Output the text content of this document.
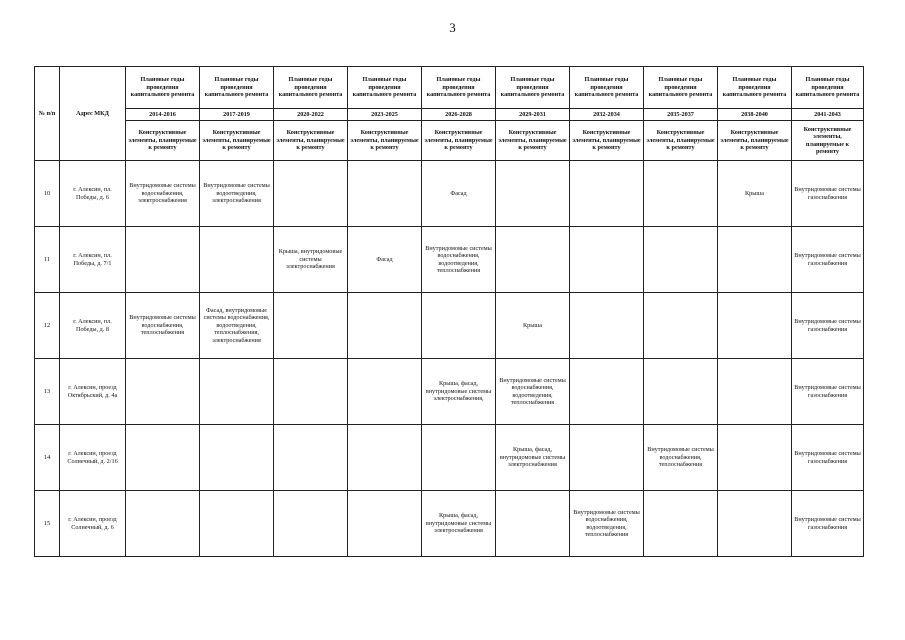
3
№ п/п	Адрес МКД	Плановые годы проведения капитального ремонта	Плановые годы проведения капитального ремонта	Плановые годы проведения капитального ремонта	Плановые годы проведения капитального ремонта	Плановые годы проведения капитального ремонта	Плановые годы проведения капитального ремонта	Плановые годы проведения капитального ремонта	Плановые годы проведения капитального ремонта	Плановые годы проведения капитального ремонта	Плановые годы проведения капитального ремонта
		2014-2016	2017-2019	2020-2022	2023-2025	2026-2028	2029-2031	2032-2034	2035-2037	2038-2040	2041-2043
		Конструктивные элементы, планируемые к ремонту	Конструктивные элементы, планируемые к ремонту	Конструктивные элементы, планируемые к ремонту	Конструктивные элементы, планируемые к ремонту	Конструктивные элементы, планируемые к ремонту	Конструктивные элементы, планируемые к ремонту	Конструктивные элементы, планируемые к ремонту	Конструктивные элементы, планируемые к ремонту	Конструктивные элементы, планируемые к ремонту	Конструктивные элементы, планируемые к ремонту
10	г. Алексин, пл. Победы, д. 6	Внутридомовые системы водоснабжения, электроснабжения	Внутридомовые системы водоотведения, электроснабжения			Фасад				Крыша	Внутридомовые системы газоснабжения
11	г. Алексин, пл. Победы, д. 7/1			Крыша, внутридомовые системы электроснабжения	Фасад	Внутридомовые системы водоснабжения, водоотведения, теплоснабжения					Внутридомовые системы газоснабжения
12	г. Алексин, пл. Победы, д. 8	Внутридомовые системы водоснабжения, теплоснабжения	Фасад, внутридомовые системы водоснабжения, водоотведения, теплоснабжения, электроснабжения				Крыша				Внутридомовые системы газоснабжения
13	г. Алексин, проезд Октябрьский, д. 4а					Крыша, фасад, внутридомовые системы электроснабжения,	Внутридомовые системы водоснабжения, водоотведения, теплоснабжения				Внутридомовые системы газоснабжения
14	г. Алексин, проезд Солнечный, д. 2/16						Крыша, фасад, внутридомовые системы электроснабжения		Внутридомовые системы водоснабжения, теплоснабжения		Внутридомовые системы газоснабжения
15	г. Алексин, проезд Солнечный, д. 6					Крыша, фасад, внутридомовые системы электроснабжения		Внутридомовые системы водоснабжения, водоотведения, теплоснабжения			Внутридомовые системы газоснабжения
